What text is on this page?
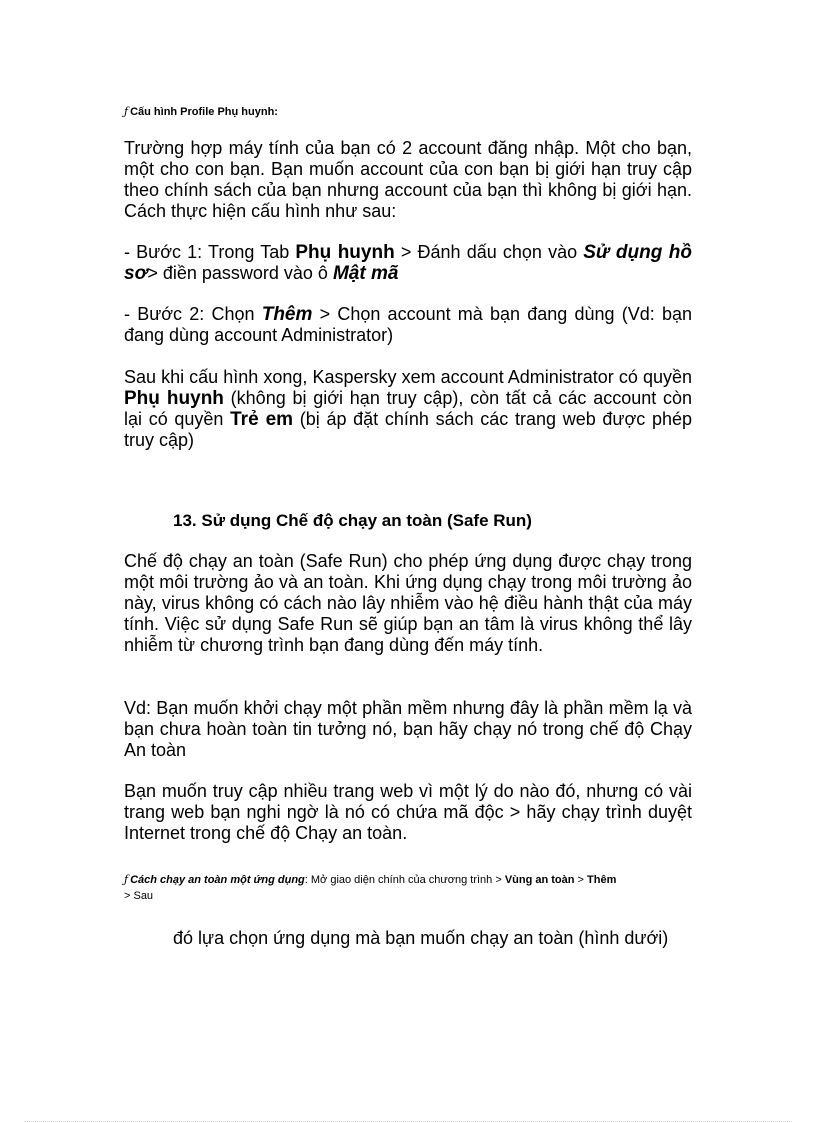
ƒ Cấu hình Profile Phụ huynh:

Trường hợp máy tính của bạn có 2 account đăng nhập. Một cho bạn, một cho con bạn. Bạn muốn account của con bạn bị giới hạn truy cập theo chính sách của bạn nhưng account của bạn thì không bị giới hạn. Cách thực hiện cấu hình như sau:

- Bước 1: Trong Tab Phụ huynh > Đánh dấu chọn vào Sử dụng hồ sơ> điền password vào ô Mật mã

- Bước 2: Chọn Thêm > Chọn account mà bạn đang dùng (Vd: bạn đang dùng account Administrator)

Sau khi cấu hình xong, Kaspersky xem account Administrator có quyền Phụ huynh (không bị giới hạn truy cập), còn tất cả các account còn lại có quyền Trẻ em (bị áp đặt chính sách các trang web được phép truy cập)

13. Sử dụng Chế độ chạy an toàn (Safe Run)

Chế độ chạy an toàn (Safe Run) cho phép ứng dụng được chạy trong một môi trường ảo và an toàn. Khi ứng dụng chạy trong môi trường ảo này, virus không có cách nào lây nhiễm vào hệ điều hành thật của máy tính. Việc sử dụng Safe Run sẽ giúp bạn an tâm là virus không thể lây nhiễm từ chương trình bạn đang dùng đến máy tính.

Vd: Bạn muốn khởi chạy một phần mềm nhưng đây là phần mềm lạ và bạn chưa hoàn toàn tin tưởng nó, bạn hãy chạy nó trong chế độ Chạy An toàn

Bạn muốn truy cập nhiều trang web vì một lý do nào đó, nhưng có vài trang web bạn nghi ngờ là nó có chứa mã độc > hãy chạy trình duyệt Internet trong chế độ Chạy an toàn.

ƒ Cách chạy an toàn một ứng dụng: Mở giao diện chính của chương trình > Vùng an toàn > Thêm
> Sau

đó lựa chọn ứng dụng mà bạn muốn chạy an toàn (hình dưới)
